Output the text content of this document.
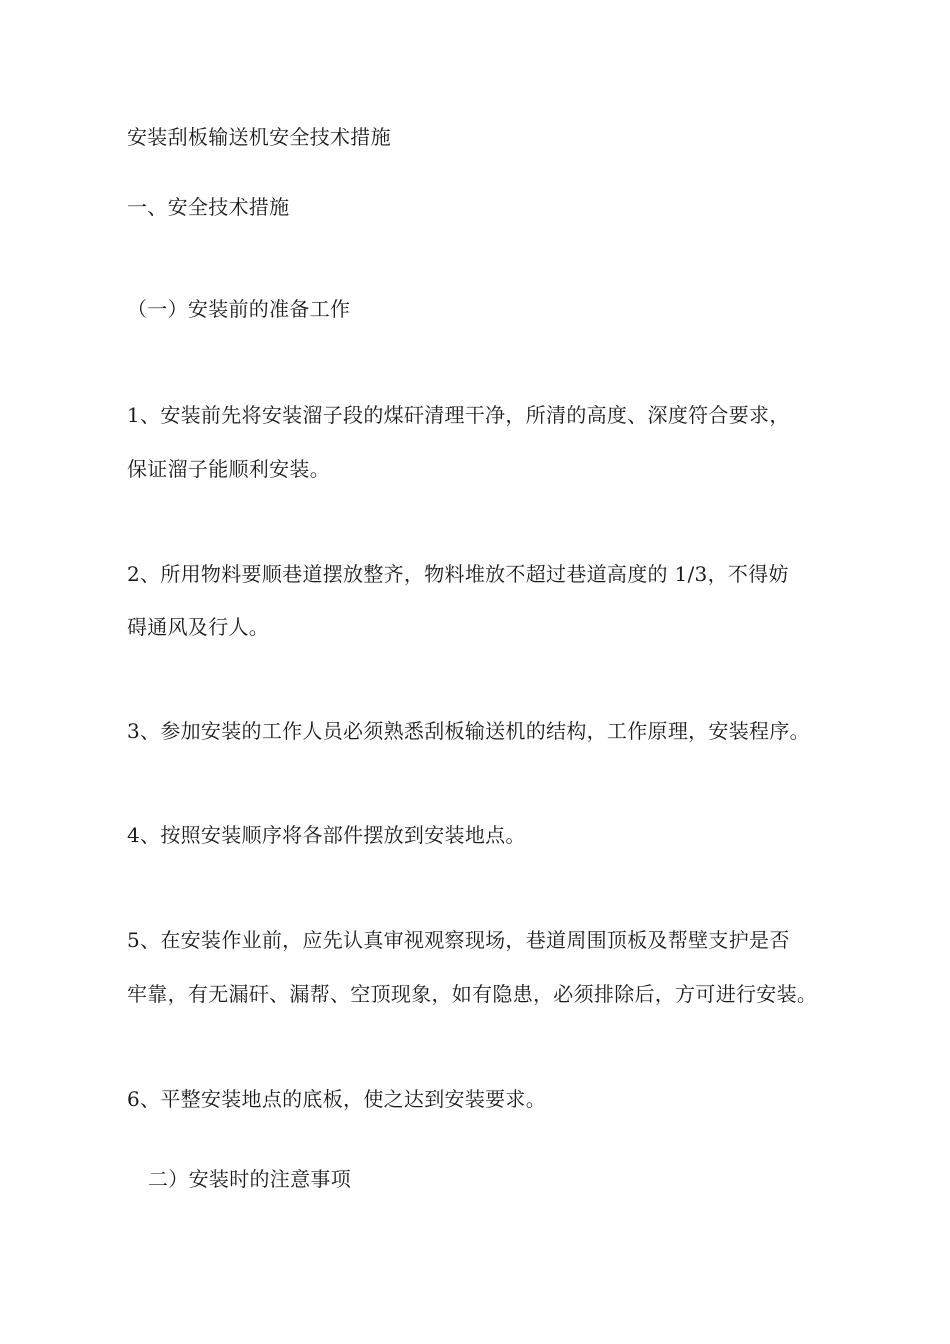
安装刮板输送机安全技术措施
一、安全技术措施
（一）安装前的准备工作
1、安装前先将安装溜子段的煤矸清理干净，所清的高度、深度符合要求，
保证溜子能顺利安装。
2、所用物料要顺巷道摆放整齐，物料堆放不超过巷道高度的 1/3，不得妨
碍通风及行人。
3、参加安装的工作人员必须熟悉刮板输送机的结构，工作原理，安装程序。
4、按照安装顺序将各部件摆放到安装地点。
5、在安装作业前，应先认真审视观察现场，巷道周围顶板及帮壁支护是否
牢靠，有无漏矸、漏帮、空顶现象，如有隐患，必须排除后，方可进行安装。
6、平整安装地点的底板，使之达到安装要求。
二）安装时的注意事项
